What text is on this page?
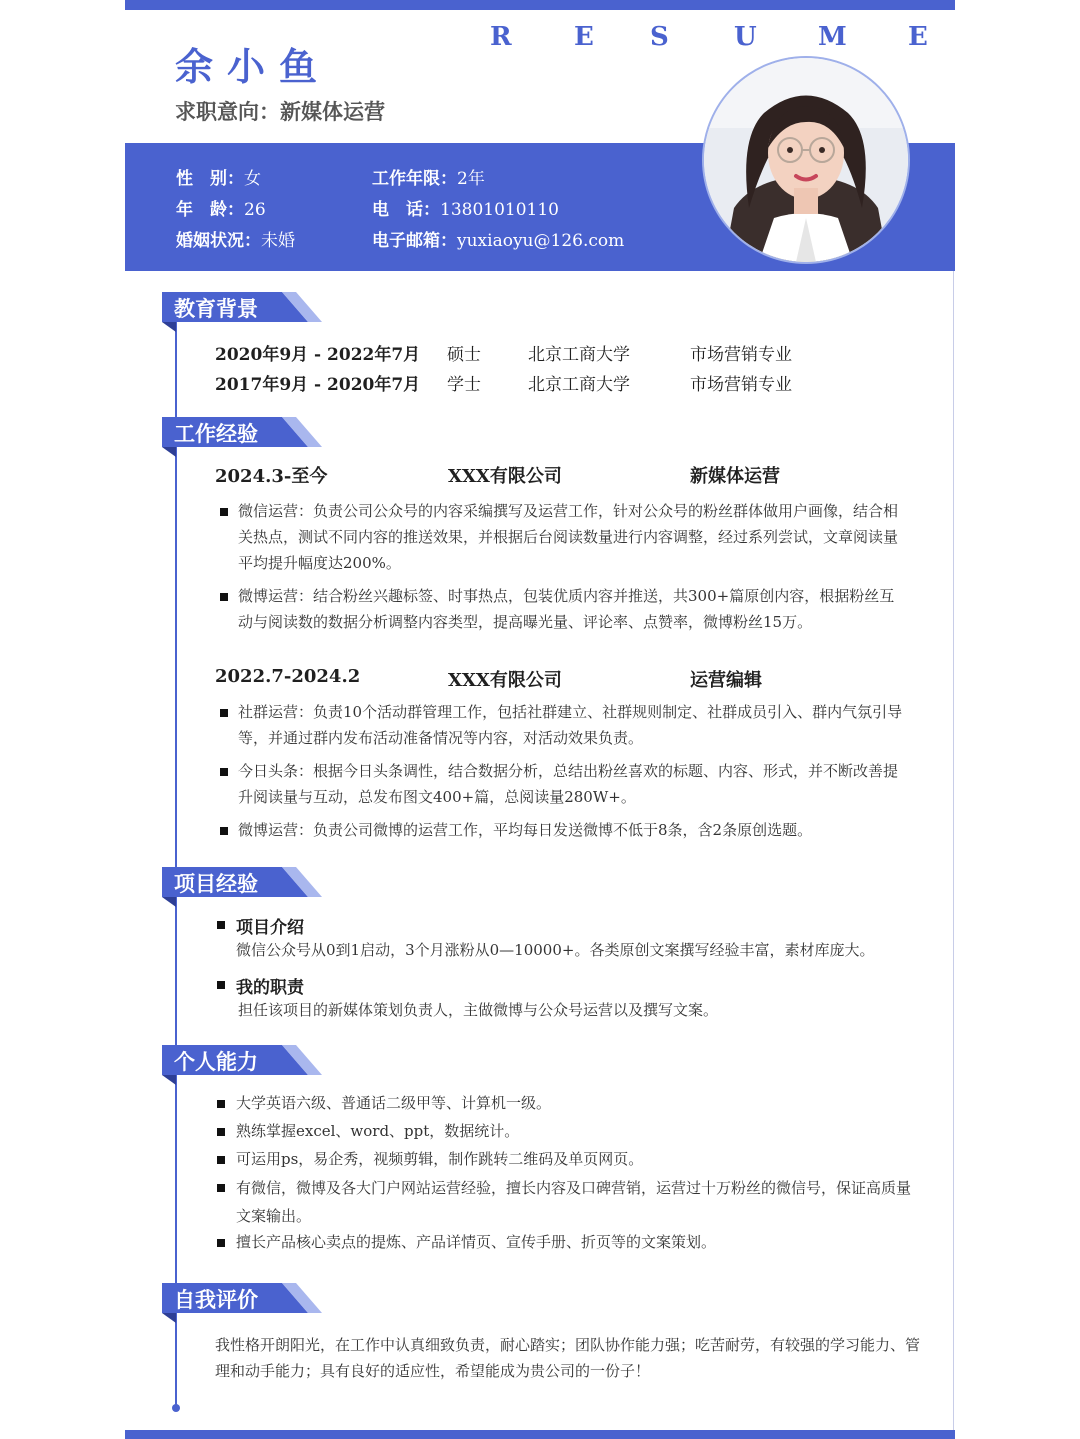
余小鱼
求职意向：新媒体运营
R E S	U M E
性　别：女
年　龄：26
婚姻状况：未婚
工作年限：2年
电　话：13801010110
电子邮箱：yuxiaoyu@126.com
教育背景
工作经验
项目经验
个人能力
自我评价
2020年9月 - 2022年7月 硕士	北京工商大学	市场营销专业
2017年9月 - 2020年7月 学士	北京工商大学	市场营销专业
2024.3-至今	XXX有限公司	新媒体运营
微信运营：负责公司公众号的内容采编撰写及运营工作，针对公众号的粉丝群体做用户画像，结合相关热点，测试不同内容的推送效果，并根据后台阅读数量进行内容调整，经过系列尝试，文章阅读量平均提升幅度达200%。
微博运营：结合粉丝兴趣标签、时事热点，包装优质内容并推送，共300+篇原创内容，根据粉丝互动与阅读数的数据分析调整内容类型，提高曝光量、评论率、点赞率，微博粉丝15万。
2022.7-2024.2	XXX有限公司	运营编辑
社群运营：负责10个活动群管理工作，包括社群建立、社群规则制定、社群成员引入、群内气氛引导等，并通过群内发布活动准备情况等内容，对活动效果负责。
今日头条：根据今日头条调性，结合数据分析，总结出粉丝喜欢的标题、内容、形式，并不断改善提升阅读量与互动，总发布图文400+篇，总阅读量280W+。
微博运营：负责公司微博的运营工作，平均每日发送微博不低于8条，含2条原创选题。
项目介绍
微信公众号从0到1启动，3个月涨粉从0—10000+。各类原创文案撰写经验丰富，素材库庞大。
我的职责
担任该项目的新媒体策划负责人，主做微博与公众号运营以及撰写文案。
大学英语六级、普通话二级甲等、计算机一级。
熟练掌握excel、word、ppt，数据统计。
可运用ps，易企秀，视频剪辑，制作跳转二维码及单页网页。
有微信，微博及各大门户网站运营经验，擅长内容及口碑营销，运营过十万粉丝的微信号，保证高质量文案输出。
擅长产品核心卖点的提炼、产品详情页、宣传手册、折页等的文案策划。
我性格开朗阳光，在工作中认真细致负责，耐心踏实；团队协作能力强；吃苦耐劳，有较强的学习能力、管理和动手能力；具有良好的适应性，希望能成为贵公司的一份子！
